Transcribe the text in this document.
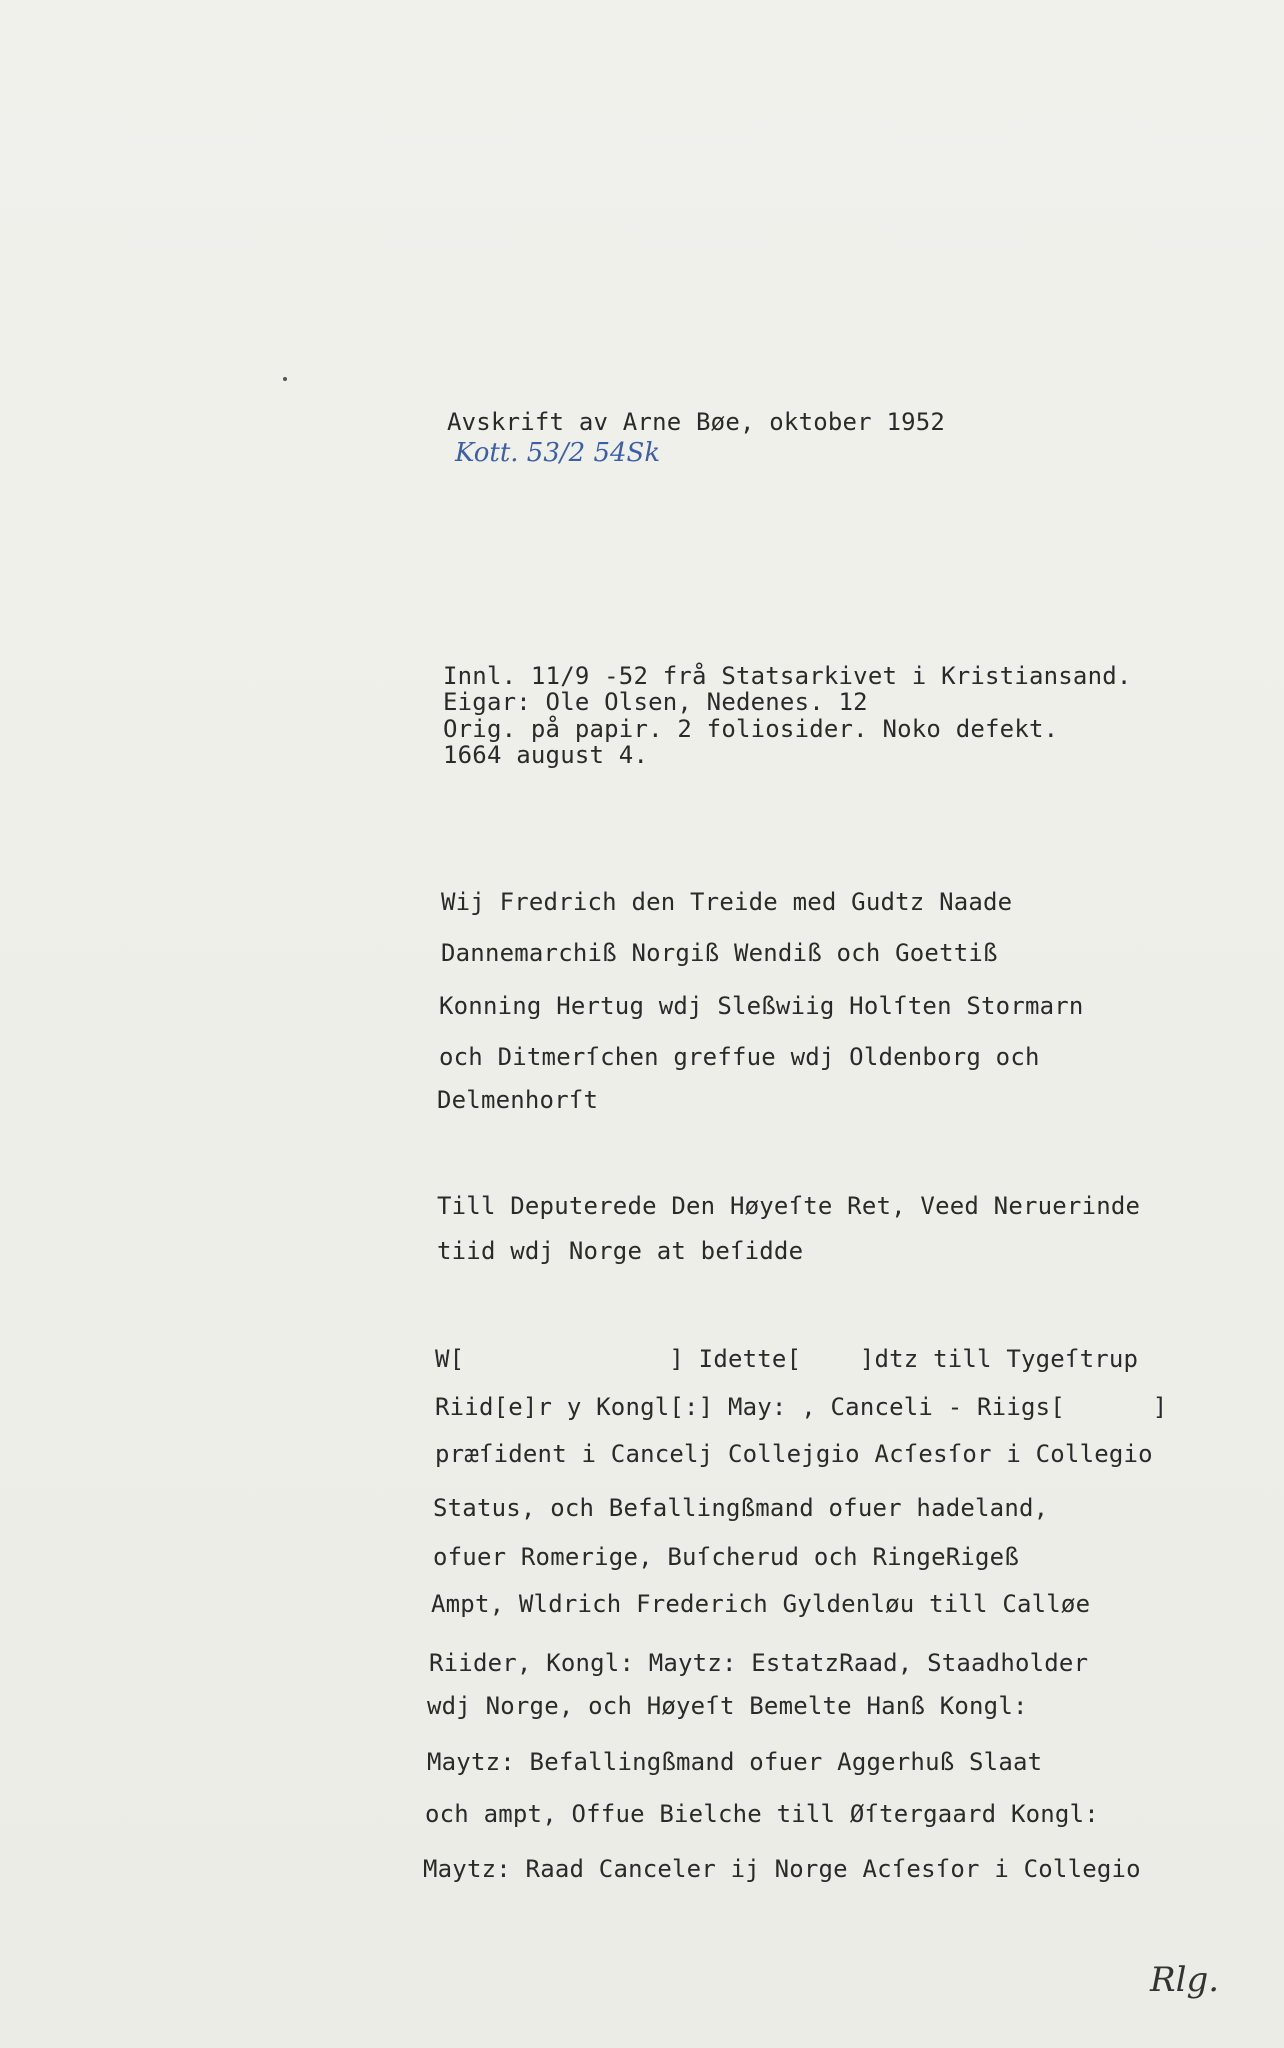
Avskrift av Arne Bøe, oktober 1952
Kott. 53/2 54Sk
Innl. 11/9 -52 frå Statsarkivet i Kristiansand.
Eigar: Ole Olsen, Nedenes. 12
Orig. på papir. 2 foliosider. Noko defekt.
1664 august 4.
Wij Fredrich den Treide med Gudtz Naade
Dannemarchiß Norgiß Wendiß och Goettiß
Konning Hertug wdj Sleßwiig Holſten Stormarn
och Ditmerſchen greffue wdj Oldenborg och
Delmenhorſt
Till Deputerede Den Høyeſte Ret, Veed Neruerinde
tiid wdj Norge at beſidde
W[              ] Idette[    ]dtz till Tygeſtrup
Riid[e]r y Kongl[:] May: , Canceli - Riigs[      ]
præſident i Cancelj Collejgio Acſesſor i Collegio
Status, och Befallingßmand ofuer hadeland,
ofuer Romerige, Buſcherud och RingeRigeß
Ampt, Wldrich Frederich Gyldenløu till Calløe
Riider, Kongl: Maytz: EstatzRaad, Staadholder
wdj Norge, och Høyeſt Bemelte Hanß Kongl:
Maytz: Befallingßmand ofuer Aggerhuß Slaat
och ampt, Offue Bielche till Øſtergaard Kongl:
Maytz: Raad Canceler ij Norge Acſesſor i Collegio
Rlg.
